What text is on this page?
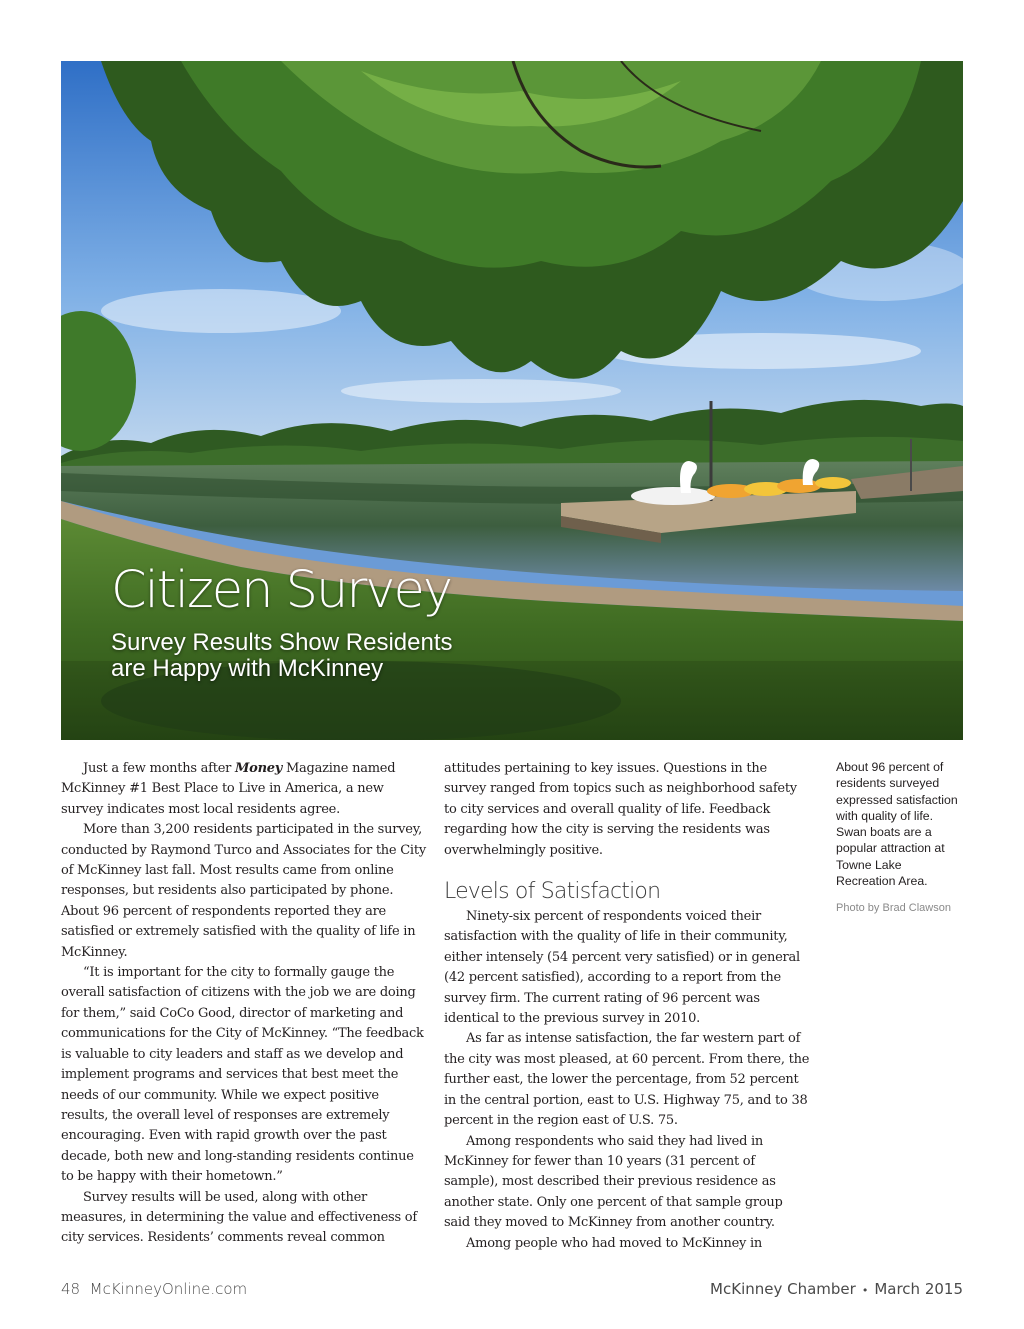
Citizen Survey

Survey Results Show Residents
are Happy with McKinney

Just a few months after Money Magazine named McKinney #1 Best Place to Live in America, a new survey indicates most local residents agree.

More than 3,200 residents participated in the survey, conducted by Raymond Turco and Associates for the City of McKinney last fall. Most results came from online responses, but residents also participated by phone. About 96 percent of respondents reported they are satisfied or extremely satisfied with the quality of life in McKinney.

“It is important for the city to formally gauge the overall satisfaction of citizens with the job we are doing for them,” said CoCo Good, director of marketing and communications for the City of McKinney. “The feedback is valuable to city leaders and staff as we develop and implement programs and services that best meet the needs of our community. While we expect positive results, the overall level of responses are extremely encouraging. Even with rapid growth over the past decade, both new and long-standing residents continue to be happy with their hometown.”

Survey results will be used, along with other measures, in determining the value and effectiveness of city services. Residents’ comments reveal common

attitudes pertaining to key issues. Questions in the survey ranged from topics such as neighborhood safety to city services and overall quality of life. Feedback regarding how the city is serving the residents was overwhelmingly positive.

Levels of Satisfaction

Ninety-six percent of respondents voiced their satisfaction with the quality of life in their community, either intensely (54 percent very satisfied) or in general (42 percent satisfied), according to a report from the survey firm. The current rating of 96 percent was identical to the previous survey in 2010.

As far as intense satisfaction, the far western part of the city was most pleased, at 60 percent. From there, the further east, the lower the percentage, from 52 percent in the central portion, east to U.S. Highway 75, and to 38 percent in the region east of U.S. 75.

Among respondents who said they had lived in McKinney for fewer than 10 years (31 percent of sample), most described their previous residence as another state. Only one percent of that sample group said they moved to McKinney from another country.

Among people who had moved to McKinney in

About 96 percent of residents surveyed expressed satisfaction with quality of life. Swan boats are a popular attraction at Towne Lake Recreation Area.
Photo by Brad Clawson
48 McKinneyOnline.com	McKinney Chamber • March 2015
